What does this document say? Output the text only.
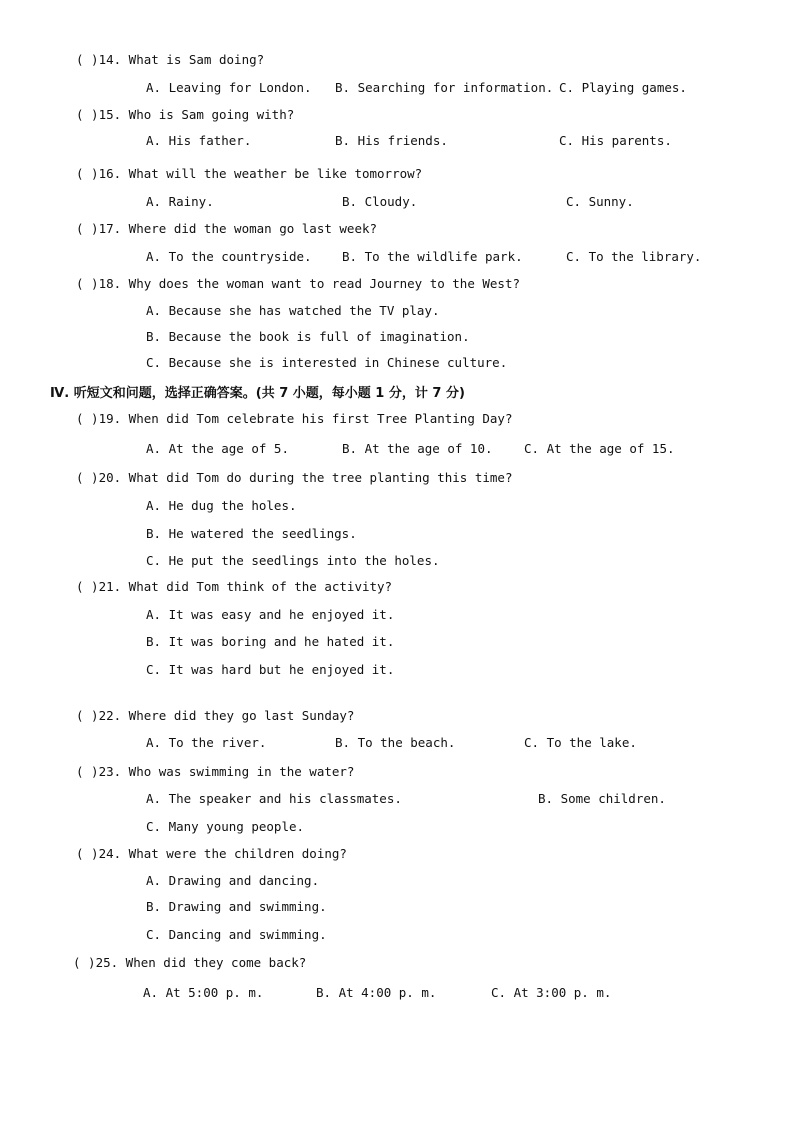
( )14. What is Sam doing?
A. Leaving for London. B. Searching for information. C. Playing games.
( )15. Who is Sam going with?
A. His father.	B. His friends.	C. His parents.
( )16. What will the weather be like tomorrow?
A. Rainy.	B. Cloudy.	C. Sunny.
( )17. Where did the woman go last week?
A. To the countryside. B. To the wildlife park.	C. To the library.
( )18. Why does the woman want to read Journey to the West?
A. Because she has watched the TV play.
B. Because the book is full of imagination.
C. Because she is interested in Chinese culture.
Ⅳ. 听短文和问题，选择正确答案。(共 7 小题，每小题 1 分，计 7 分)
( )19. When did Tom celebrate his first Tree Planting Day?
A. At the age of 5.	B. At the age of 10.	C. At the age of 15.
( )20. What did Tom do during the tree planting this time?
A. He dug the holes.
B. He watered the seedlings.
C. He put the seedlings into the holes.
( )21. What did Tom think of the activity?
A. It was easy and he enjoyed it.
B. It was boring and he hated it.
C. It was hard but he enjoyed it.
( )22. Where did they go last Sunday?
A. To the river.	B. To the beach.	C. To the lake.
( )23. Who was swimming in the water?
A. The speaker and his classmates.	B. Some children.
C. Many young people.
( )24. What were the children doing?
A. Drawing and dancing.
B. Drawing and swimming.
C. Dancing and swimming.
( )25. When did they come back?
A. At 5:00 p. m.	B. At 4:00 p. m.	C. At 3:00 p. m.
